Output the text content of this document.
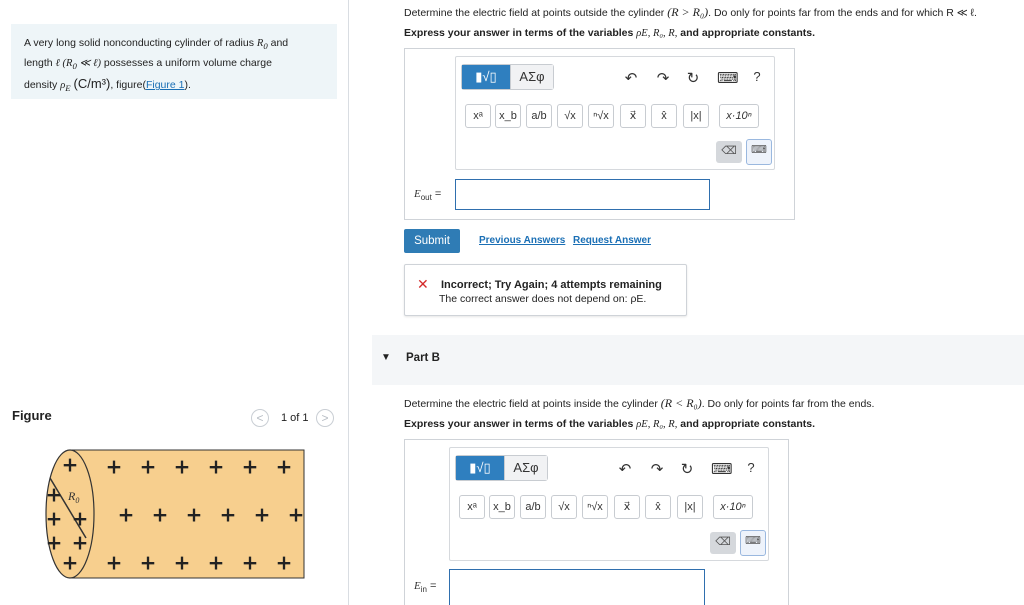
A very long solid nonconducting cylinder of radius $R_0$ and
length ℓ ($R_0$ ≪ ℓ) possesses a uniform volume charge
density $\rho_E$ (C/m³), figure(Figure 1).
Figure	<	1 of 1	>
$R_0$
+ + + + + +
+ + + + + +
+ + + + + +
+
+
+ +
+ +
+
Determine the electric field at points outside the cylinder (R > R₀). Do only for points far from the ends and for which R ≪ ℓ.
Express your answer in terms of the variables ρE, R₀, R, and appropriate constants.
▮√▯	ΑΣφ	↶ ↷ ↻ ⌨	?
xᵃ	x_b	a/b	√x	ⁿ√x	x⃗	x̂	|x|	x·10ⁿ
⌫	⌨
$E_{out}$ =
Submit	Previous Answers Request Answer
✕ Incorrect; Try Again; 4 attempts remaining
The correct answer does not depend on: ρE.
▼ Part B
Determine the electric field at points inside the cylinder (R < R₀). Do only for points far from the ends.
Express your answer in terms of the variables ρE, R₀, R, and appropriate constants.
▮√▯	ΑΣφ	↶ ↷ ↻ ⌨	?
xᵃ	x_b	a/b	√x	ⁿ√x	x⃗	x̂	|x|	x·10ⁿ
⌫	⌨
$E_{in}$ =
